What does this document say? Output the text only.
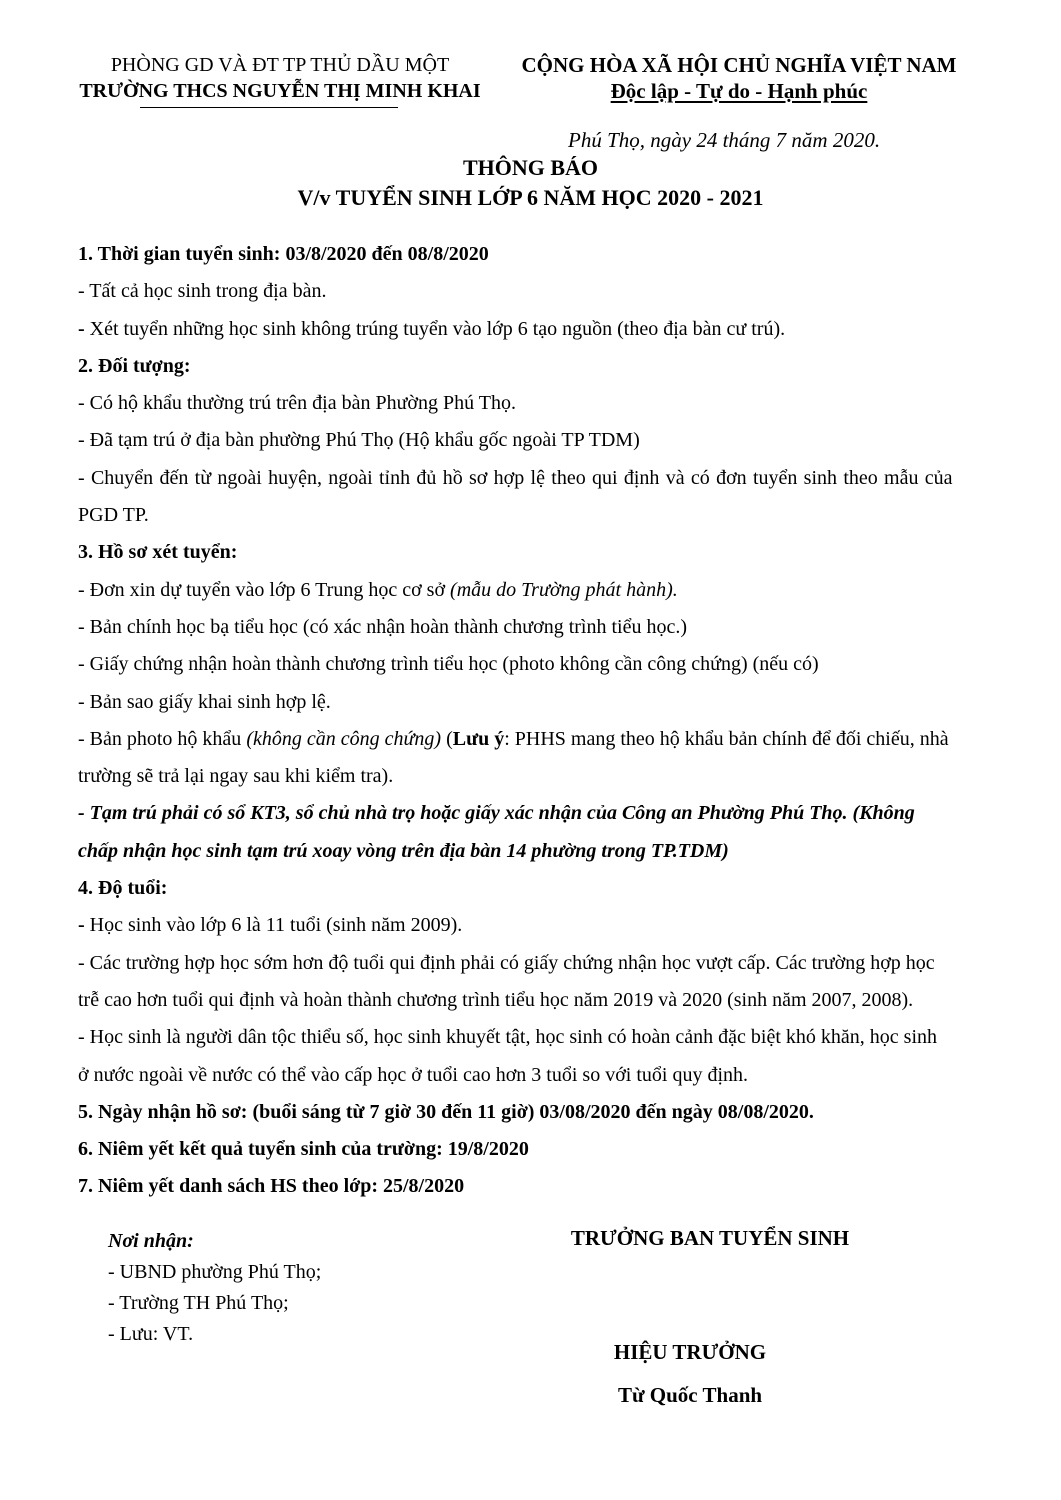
PHÒNG GD VÀ ĐT TP THỦ DẦU MỘT
TRƯỜNG THCS NGUYỄN THỊ MINH KHAI
CỘNG HÒA XÃ HỘI CHỦ NGHĨA VIỆT NAM
Độc lập - Tự do - Hạnh phúc
Phú Thọ, ngày 24 tháng 7 năm 2020.
THÔNG BÁO
V/v TUYỂN SINH LỚP 6 NĂM HỌC 2020 - 2021
1. Thời gian tuyển sinh: 03/8/2020 đến 08/8/2020
- Tất cả học sinh trong địa bàn.
- Xét tuyển những học sinh không trúng tuyển vào lớp 6 tạo nguồn (theo địa bàn cư trú).
2. Đối tượng:
- Có hộ khẩu thường trú trên địa bàn Phường Phú Thọ.
- Đã tạm trú ở địa bàn phường Phú Thọ (Hộ khẩu gốc ngoài TP TDM)
- Chuyển đến từ ngoài huyện, ngoài tỉnh đủ hồ sơ hợp lệ theo qui định và có đơn tuyển sinh theo mẫu của
PGD TP.
3. Hồ sơ xét tuyển:
- Đơn xin dự tuyển vào lớp 6 Trung học cơ sở (mẫu do Trường phát hành).
- Bản chính học bạ tiểu học (có xác nhận hoàn thành chương trình tiểu học.)
- Giấy chứng nhận hoàn thành chương trình tiểu học (photo không cần công chứng) (nếu có)
- Bản sao giấy khai sinh hợp lệ.
- Bản photo hộ khẩu (không cần công chứng) (Lưu ý: PHHS mang theo hộ khẩu bản chính để đối chiếu, nhà
trường sẽ trả lại ngay sau khi kiểm tra).
- Tạm trú phải có sổ KT3, sổ chủ nhà trọ hoặc giấy xác nhận của Công an Phường Phú Thọ. (Không
chấp nhận học sinh tạm trú xoay vòng trên địa bàn 14 phường trong TP.TDM)
4. Độ tuổi:
- Học sinh vào lớp 6 là 11 tuổi (sinh năm 2009).
- Các trường hợp học sớm hơn độ tuổi qui định phải có giấy chứng nhận học vượt cấp. Các trường hợp học
trễ cao hơn tuổi qui định và hoàn thành chương trình tiểu học năm 2019 và 2020 (sinh năm 2007, 2008).
- Học sinh là người dân tộc thiểu số, học sinh khuyết tật, học sinh có hoàn cảnh đặc biệt khó khăn, học sinh
ở nước ngoài về nước có thể vào cấp học ở tuổi cao hơn 3 tuổi so với tuổi quy định.
5. Ngày nhận hồ sơ: (buổi sáng từ 7 giờ 30 đến 11 giờ) 03/08/2020 đến ngày 08/08/2020.
6. Niêm yết kết quả tuyển sinh của trường: 19/8/2020
7. Niêm yết danh sách HS theo lớp: 25/8/2020
Nơi nhận:
- UBND phường Phú Thọ;
- Trường TH Phú Thọ;
- Lưu: VT.
TRƯỞNG BAN TUYỂN SINH
HIỆU TRƯỞNG
Từ Quốc Thanh
